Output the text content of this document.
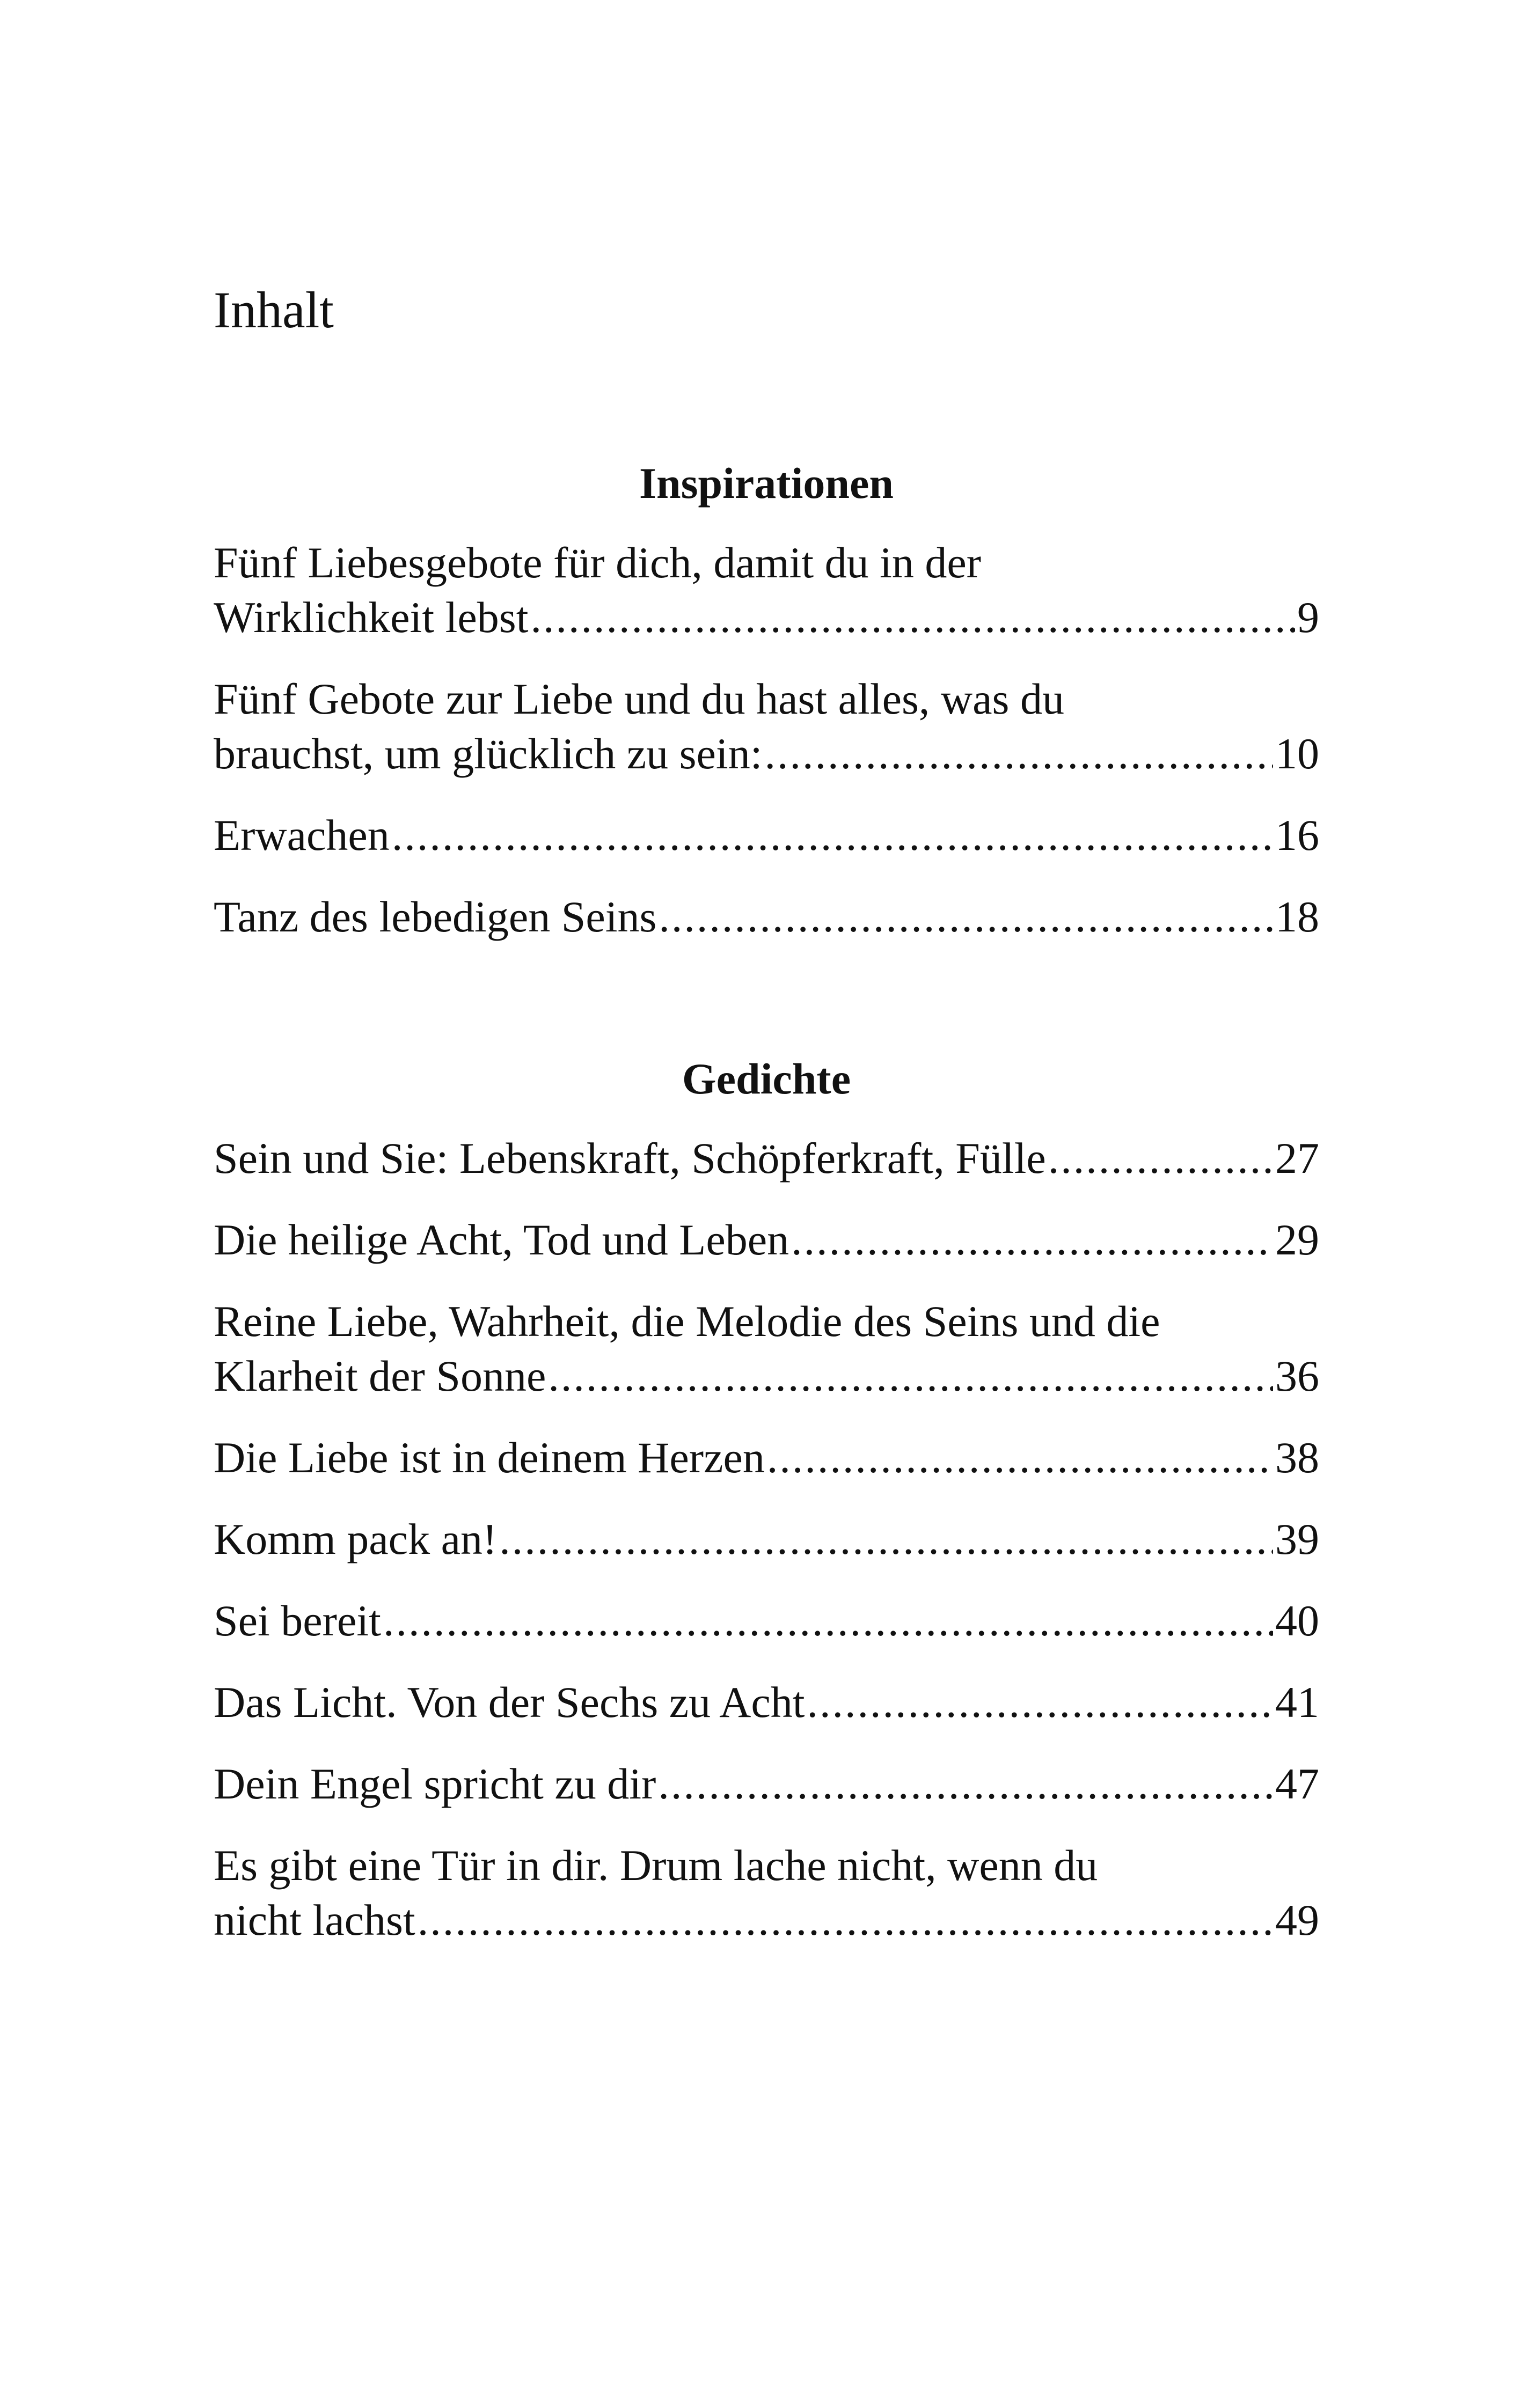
Inhalt
Inspirationen
Fünf Liebesgebote für dich, damit du in der
Wirklichkeit lebst .....	9
Fünf Gebote zur Liebe und du hast alles, was du
brauchst, um glücklich zu sein: .....	10
Erwachen .....	16
Tanz des lebedigen Seins .....	18
Gedichte
Sein und Sie: Lebenskraft, Schöpferkraft, Fülle .....	27
Die heilige Acht, Tod und Leben .....	29
Reine Liebe, Wahrheit, die Melodie des Seins und die
Klarheit der Sonne .....	36
Die Liebe ist in deinem Herzen .....	38
Komm pack an! .....	39
Sei bereit .....	40
Das Licht. Von der Sechs zu Acht .....	41
Dein Engel spricht zu dir .....	47
Es gibt eine Tür in dir. Drum lache nicht, wenn du
nicht lachst .....	49
